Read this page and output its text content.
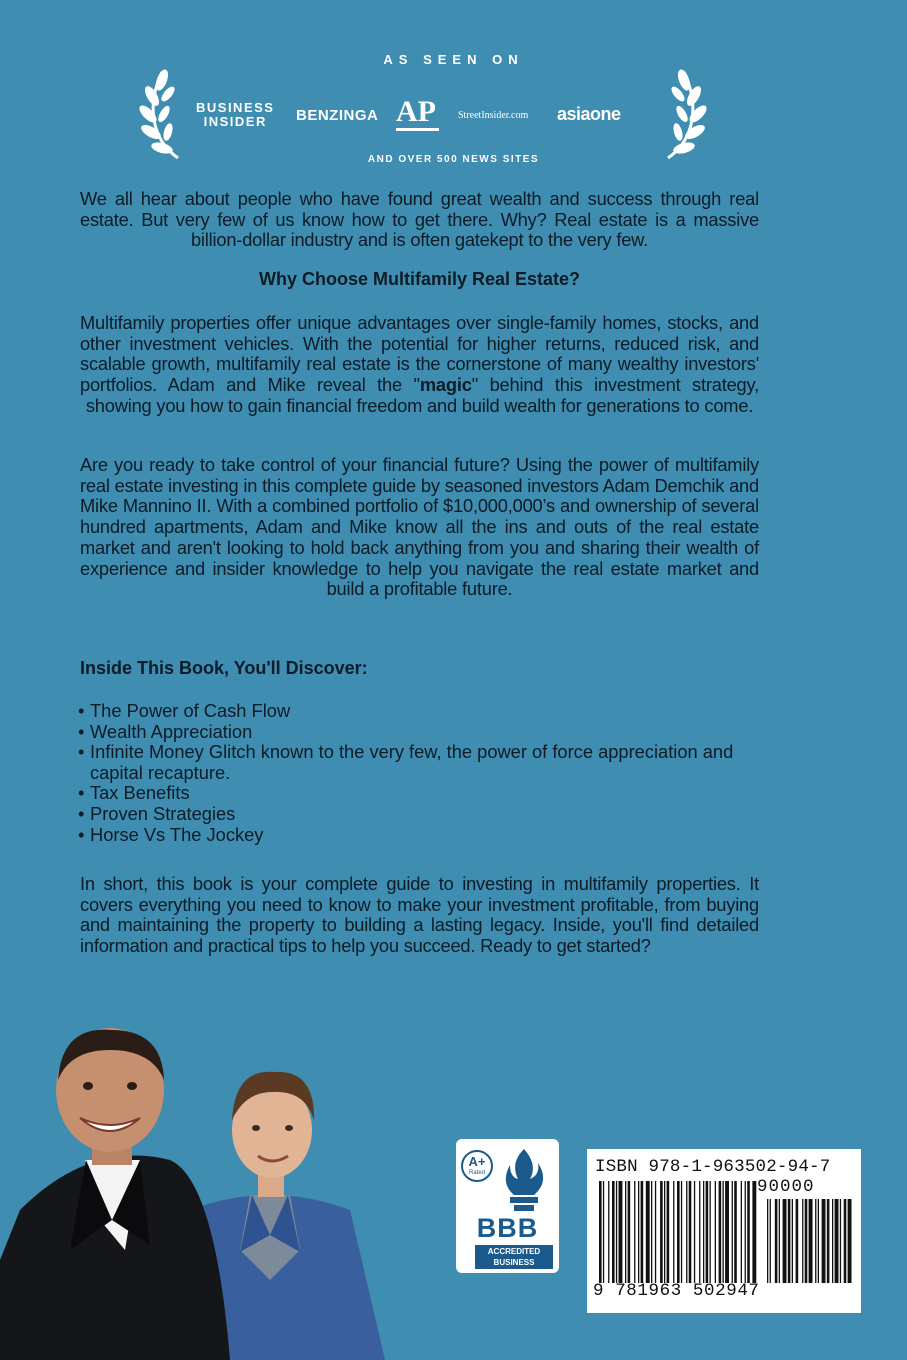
AS SEEN ON
BUSINESS
INSIDER	BENZINGA AP StreetInsider.com asiaone
AND OVER 500 NEWS SITES
We all hear about people who have found great wealth and success through real estate. But very few of us know how to get there. Why? Real estate is a massive billion-dollar industry and is often gatekept to the very few.
Why Choose Multifamily Real Estate?
Multifamily properties offer unique advantages over single-family homes, stocks, and other investment vehicles. With the potential for higher returns, reduced risk, and scalable growth, multifamily real estate is the cornerstone of many wealthy investors' portfolios. Adam and Mike reveal the "magic" behind this investment strategy, showing you how to gain financial freedom and build wealth for generations to come.
Are you ready to take control of your financial future? Using the power of multifamily real estate investing in this complete guide by seasoned investors Adam Demchik and Mike Mannino II. With a combined portfolio of $10,000,000’s and ownership of several hundred apartments, Adam and Mike know all the ins and outs of the real estate market and aren't looking to hold back anything from you and sharing their wealth of experience and insider knowledge to help you navigate the real estate market and build a profitable future.
Inside This Book, You'll Discover:
• The Power of Cash Flow
• Wealth Appreciation
• Infinite Money Glitch known to the very few, the power of force appreciation and capital recapture.
• Tax Benefits
• Proven Strategies
• Horse Vs The Jockey
In short, this book is your complete guide to investing in multifamily properties. It covers everything you need to know to make your investment profitable, from buying and maintaining the property to building a lasting legacy. Inside, you'll find detailed information and practical tips to help you succeed. Ready to get started?
A+
Rated
BBB
ACCREDITED
BUSINESS
ISBN 978-1-963502-94-7
90000
9 781963 502947
